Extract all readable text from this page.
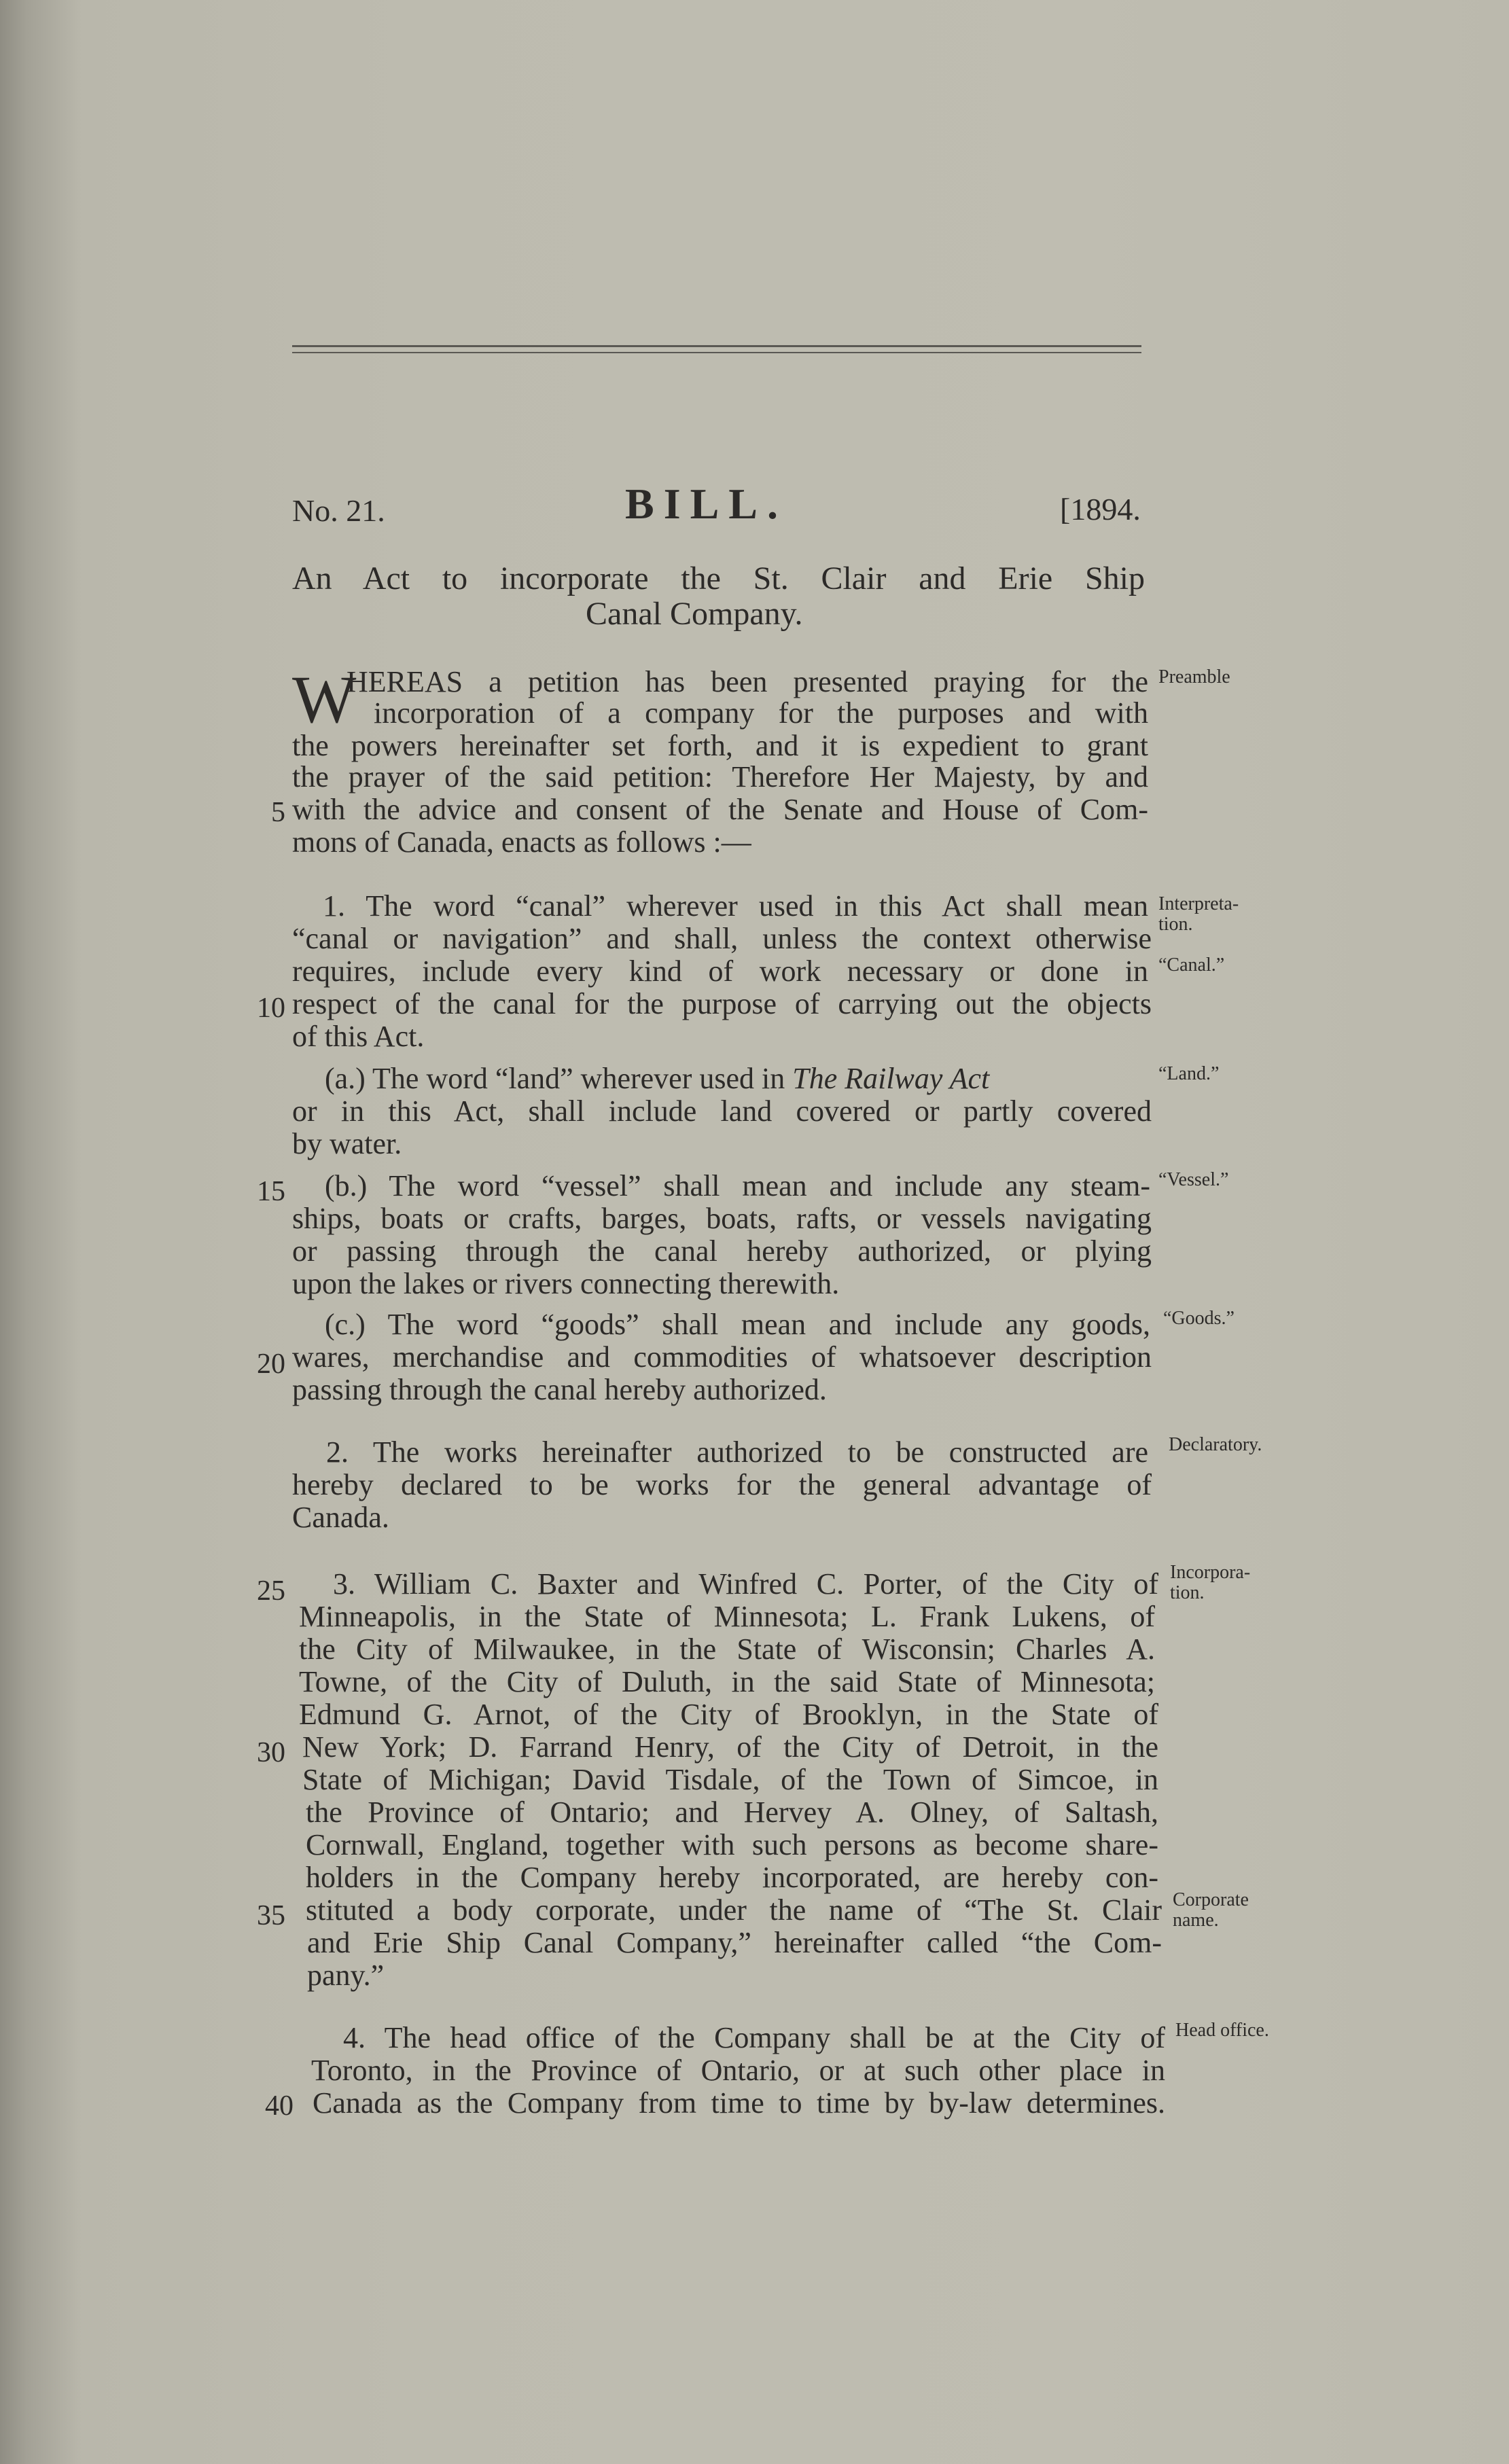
No. 21.	BILL.	[1894.
An Act to incorporate the St. Clair and Erie Ship
Canal Company.
W
HEREAS a petition has been presented praying for the
incorporation of a company for the purposes and with
the powers hereinafter set forth, and it is expedient to grant
the prayer of the said petition: Therefore Her Majesty, by and
with the advice and consent of the Senate and House of Com-
mons of Canada, enacts as follows :—
1. The word “canal” wherever used in this Act shall mean
“canal or navigation” and shall, unless the context otherwise
requires, include every kind of work necessary or done in
respect of the canal for the purpose of carrying out the objects
of this Act.
(a.) The word “land” wherever used in The Railway Act
or in this Act, shall include land covered or partly covered
by water.
(b.) The word “vessel” shall mean and include any steam-
ships, boats or crafts, barges, boats, rafts, or vessels navigating
or passing through the canal hereby authorized, or plying
upon the lakes or rivers connecting therewith.
(c.) The word “goods” shall mean and include any goods,
wares, merchandise and commodities of whatsoever description
passing through the canal hereby authorized.
2. The works hereinafter authorized to be constructed are
hereby declared to be works for the general advantage of
Canada.
3. William C. Baxter and Winfred C. Porter, of the City of
Minneapolis, in the State of Minnesota; L. Frank Lukens, of
the City of Milwaukee, in the State of Wisconsin; Charles A.
Towne, of the City of Duluth, in the said State of Minnesota;
Edmund G. Arnot, of the City of Brooklyn, in the State of
New York; D. Farrand Henry, of the City of Detroit, in the
State of Michigan; David Tisdale, of the Town of Simcoe, in
the Province of Ontario; and Hervey A. Olney, of Saltash,
Cornwall, England, together with such persons as become share-
holders in the Company hereby incorporated, are hereby con-
stituted a body corporate, under the name of “The St. Clair
and Erie Ship Canal Company,” hereinafter called “the Com-
pany.”
4. The head office of the Company shall be at the City of
Toronto, in the Province of Ontario, or at such other place in
Canada as the Company from time to time by by-law determines.
5
10
15
20
25
30
35
40
Preamble
Interpreta-
tion.
“Canal.”
“Land.”
“Vessel.”
“Goods.”
Declaratory.
Incorpora-
tion.
Corporate
name.
Head office.
